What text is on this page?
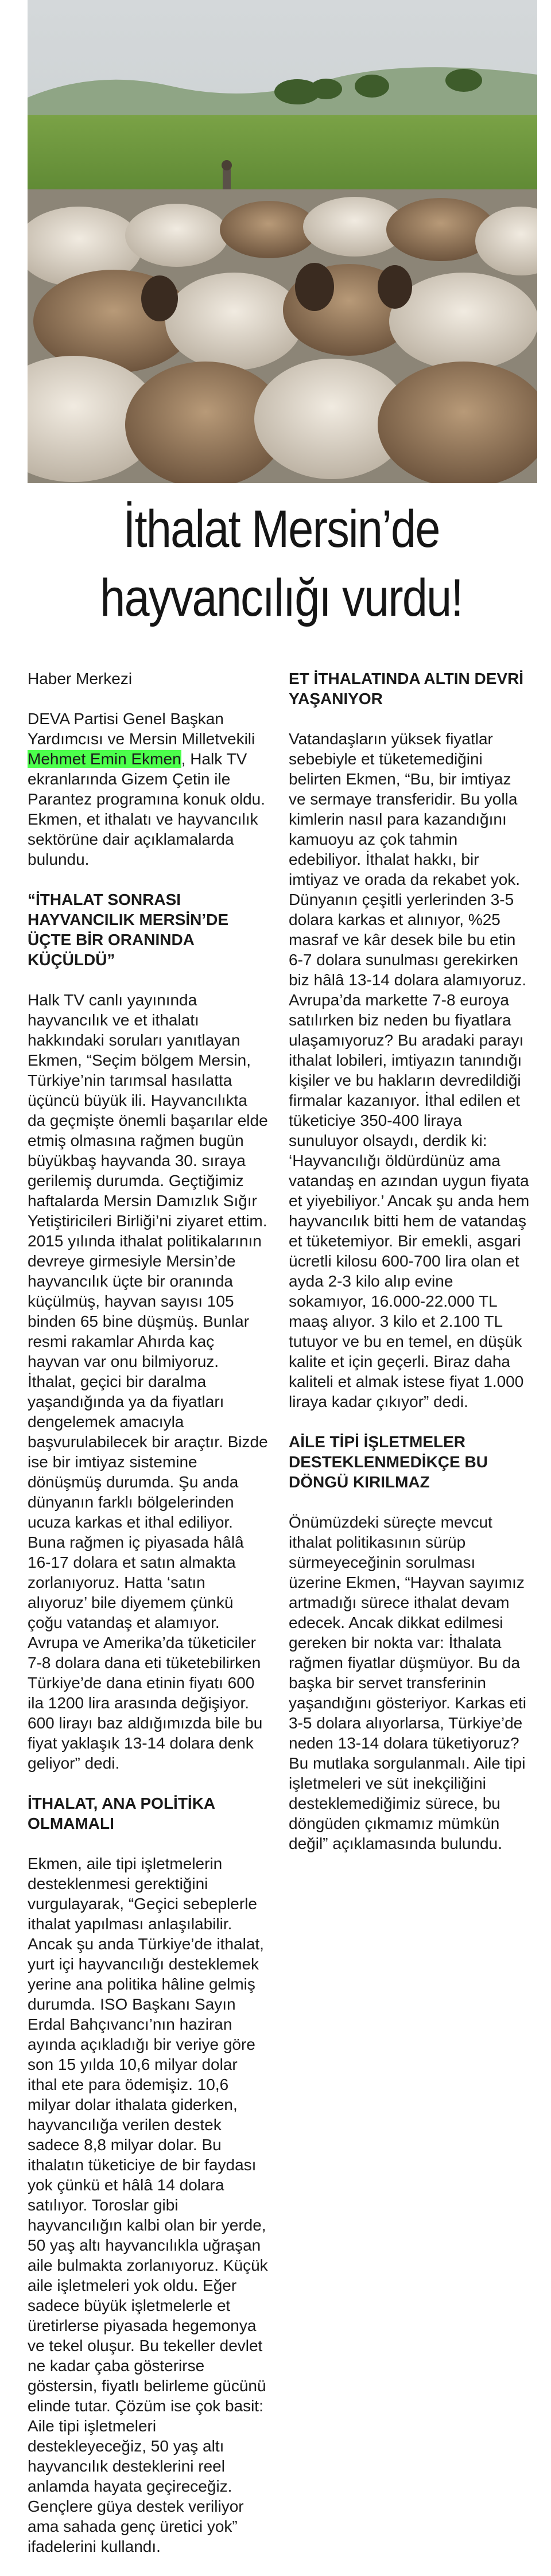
İthalat Mersin’de
hayvancılığı vurdu!

Haber Merkezi

DEVA Partisi Genel Başkan Yardımcısı ve Mersin Milletvekili Mehmet Emin Ekmen, Halk TV ekranlarında Gizem Çetin ile Parantez programına konuk oldu. Ekmen, et ithalatı ve hayvancılık sektörüne dair açıklamalarda bulundu.

“İTHALAT SONRASI HAYVANCILIK MERSİN’DE ÜÇTE BİR ORANINDA KÜÇÜLDÜ”

Halk TV canlı yayınında hayvancılık ve et ithalatı hakkındaki soruları yanıtlayan Ekmen, “Seçim bölgem Mersin, Türkiye’nin tarımsal hasılatta üçüncü büyük ili. Hayvancılıkta da geçmişte önemli başarılar elde etmiş olmasına rağmen bugün büyükbaş hayvanda 30. sıraya gerilemiş durumda. Geçtiğimiz haftalarda Mersin Damızlık Sığır Yetiştiricileri Birliği’ni ziyaret ettim. 2015 yılında ithalat politikalarının devreye girmesiyle Mersin’de hayvancılık üçte bir oranında küçülmüş, hayvan sayısı 105 binden 65 bine düşmüş. Bunlar resmi rakamlar Ahırda kaç hayvan var onu bilmiyoruz. İthalat, geçici bir daralma yaşandığında ya da fiyatları dengelemek amacıyla başvurulabilecek bir araçtır. Bizde ise bir imtiyaz sistemine dönüşmüş durumda. Şu anda dünyanın farklı bölgelerinden ucuza karkas et ithal ediliyor. Buna rağmen iç piyasada hâlâ 16-17 dolara et satın almakta zorlanıyoruz. Hatta ‘satın alıyoruz’ bile diyemem çünkü çoğu vatandaş et alamıyor. Avrupa ve Amerika’da tüketiciler 7-8 dolara dana eti tüketebilirken Türkiye’de dana etinin fiyatı 600 ila 1200 lira arasında değişiyor. 600 lirayı baz aldığımızda bile bu fiyat yaklaşık 13-14 dolara denk geliyor” dedi.

İTHALAT, ANA POLİTİKA OLMAMALI

Ekmen, aile tipi işletmelerin desteklenmesi gerektiğini vurgulayarak, “Geçici sebeplerle ithalat yapılması anlaşılabilir. Ancak şu anda Türkiye’de ithalat, yurt içi hayvancılığı desteklemek yerine ana politika hâline gelmiş durumda. ISO Başkanı Sayın Erdal Bahçıvancı’nın haziran ayında açıkladığı bir veriye göre son 15 yılda 10,6 milyar dolar ithal ete para ödemişiz. 10,6 milyar dolar ithalata giderken, hayvancılığa verilen destek sadece 8,8 milyar dolar. Bu ithalatın tüketiciye de bir faydası yok çünkü et hâlâ 14 dolara satılıyor. Toroslar gibi hayvancılığın kalbi olan bir yerde, 50 yaş altı hayvancılıkla uğraşan aile bulmakta zorlanıyoruz. Küçük aile işletmeleri yok oldu. Eğer sadece büyük işletmelerle et üretirlerse piyasada hegemonya ve tekel oluşur. Bu tekeller devlet ne kadar çaba gösterirse göstersin, fiyatlı belirleme gücünü elinde tutar. Çözüm ise çok basit: Aile tipi işletmeleri destekleyeceğiz, 50 yaş altı hayvancılık desteklerini reel anlamda hayata geçireceğiz. Gençlere güya destek veriliyor ama sahada genç üretici yok” ifadelerini kullandı.

ET İTHALATINDA ALTIN DEVRİ YAŞANIYOR

Vatandaşların yüksek fiyatlar sebebiyle et tüketemediğini belirten Ekmen, “Bu, bir imtiyaz ve sermaye transferidir. Bu yolla kimlerin nasıl para kazandığını kamuoyu az çok tahmin edebiliyor. İthalat hakkı, bir imtiyaz ve orada da rekabet yok. Dünyanın çeşitli yerlerinden 3-5 dolara karkas et alınıyor, %25 masraf ve kâr desek bile bu etin 6-7 dolara sunulması gerekirken biz hâlâ 13-14 dolara alamıyoruz. Avrupa’da markette 7-8 euroya satılırken biz neden bu fiyatlara ulaşamıyoruz? Bu aradaki parayı ithalat lobileri, imtiyazın tanındığı kişiler ve bu hakların devredildiği firmalar kazanıyor. İthal edilen et tüketiciye 350-400 liraya sunuluyor olsaydı, derdik ki: ‘Hayvancılığı öldürdünüz ama vatandaş en azından uygun fiyata et yiyebiliyor.’ Ancak şu anda hem hayvancılık bitti hem de vatandaş et tüketemiyor. Bir emekli, asgari ücretli kilosu 600-700 lira olan et ayda 2-3 kilo alıp evine sokamıyor, 16.000-22.000 TL maaş alıyor. 3 kilo et 2.100 TL tutuyor ve bu en temel, en düşük kalite et için geçerli. Biraz daha kaliteli et almak istese fiyat 1.000 liraya kadar çıkıyor” dedi.

AİLE TİPİ İŞLETMELER DESTEKLENMEDİKÇE BU DÖNGÜ KIRILMAZ

Önümüzdeki süreçte mevcut ithalat politikasının sürüp sürmeyeceğinin sorulması üzerine Ekmen, “Hayvan sayımız artmadığı sürece ithalat devam edecek. Ancak dikkat edilmesi gereken bir nokta var: İthalata rağmen fiyatlar düşmüyor. Bu da başka bir servet transferinin yaşandığını gösteriyor. Karkas eti 3-5 dolara alıyorlarsa, Türkiye’de neden 13-14 dolara tüketiyoruz? Bu mutlaka sorgulanmalı. Aile tipi işletmeleri ve süt inekçiliğini desteklemediğimiz sürece, bu döngüden çıkmamız mümkün değil” açıklamasında bulundu.
